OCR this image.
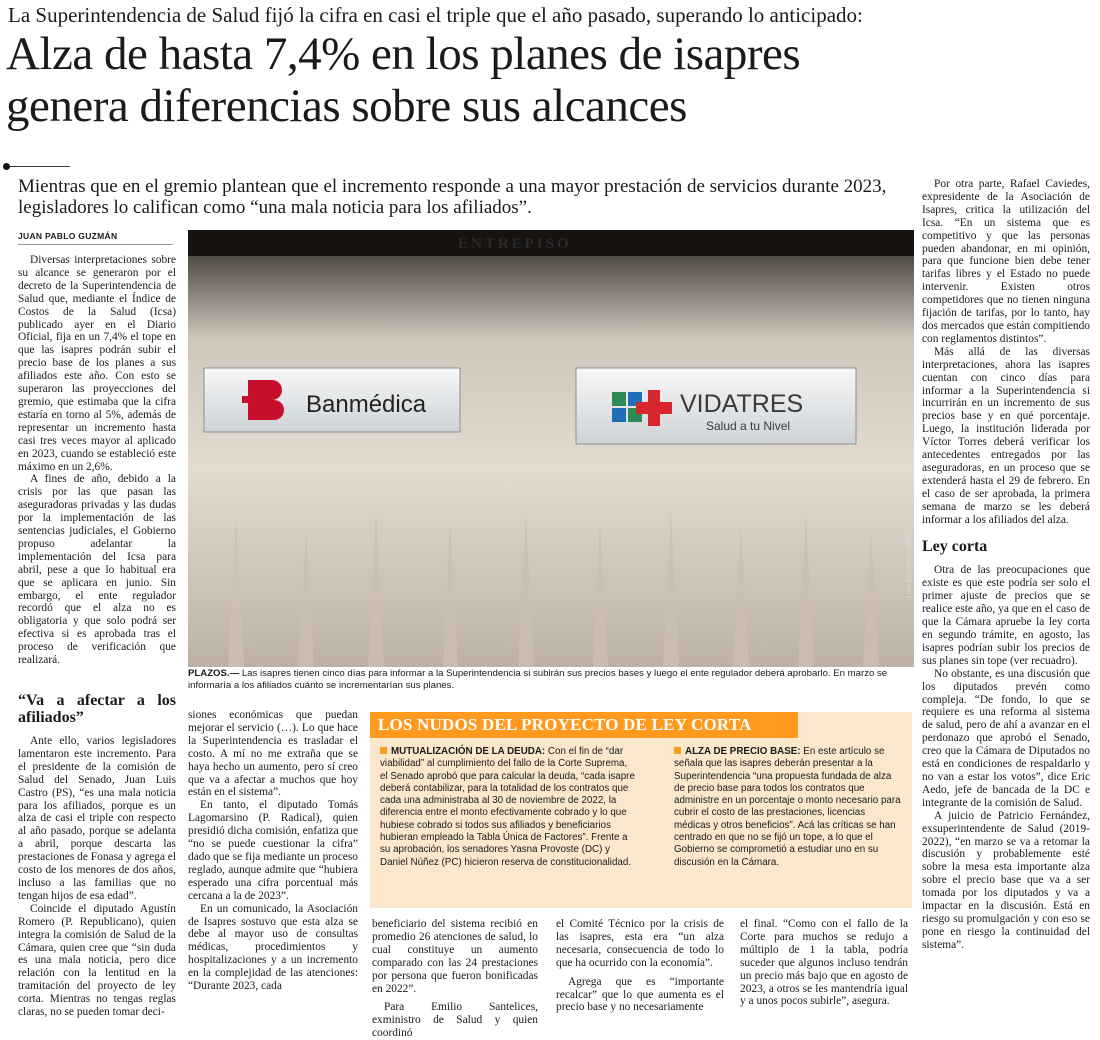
La Superintendencia de Salud fijó la cifra en casi el triple que el año pasado, superando lo anticipado:
Alza de hasta 7,4% en los planes de isapres
genera diferencias sobre sus alcances
Mientras que en el gremio plantean que el incremento responde a una mayor prestación de servicios durante 2023, legisladores lo califican como “una mala noticia para los afiliados”.
JUAN PABLO GUZMÁN

Diversas interpretaciones sobre su alcance se generaron por el decreto de la Superintendencia de Salud que, mediante el Índice de Costos de la Salud (Icsa) publicado ayer en el Diario Oficial, fija en un 7,4% el tope en que las isapres podrán subir el precio base de los planes a sus afiliados este año. Con esto se superaron las proyecciones del gremio, que estimaba que la cifra estaría en torno al 5%, además de representar un incremento hasta casi tres veces mayor al aplicado en 2023, cuando se estableció este máximo en un 2,6%.

A fines de año, debido a la crisis por las que pasan las aseguradoras privadas y las dudas por la implementación de las sentencias judiciales, el Gobierno propuso adelantar la implementación del Icsa para abril, pese a que lo habitual era que se aplicara en junio. Sin embargo, el ente regulador recordó que el alza no es obligatoria y que solo podrá ser efectiva si es aprobada tras el proceso de verificación que realizará.

“Va a afectar a los afiliados”

Ante ello, varios legisladores lamentaron este incremento. Para el presidente de la comisión de Salud del Senado, Juan Luis Castro (PS), “es una mala noticia para los afiliados, porque es un alza de casi el triple con respecto al año pasado, porque se adelanta a abril, porque descarta las prestaciones de Fonasa y agrega el costo de los menores de dos años, incluso a las familias que no tengan hijos de esa edad”.

Coincide el diputado Agustín Romero (P. Republicano), quien integra la comisión de Salud de la Cámara, quien cree que “sin duda es una mala noticia, pero dice relación con la lentitud en la tramitación del proyecto de ley corta. Mientras no tengas reglas claras, no se pueden tomar deci-

ENTREPISO
Banmédica	VIDATRES
Salud a tu Nivel
JUAN EDUARDO LÓPEZ
PLAZOS.— Las isapres tienen cinco días para informar a la Superintendencia si subirán sus precios bases y luego el ente regulador deberá aprobarlo. En marzo se informaría a los afiliados cuánto se incrementarían sus planes.

siones económicas que puedan mejorar el servicio (…). Lo que hace la Superintendencia es trasladar el costo. A mí no me extraña que se haya hecho un aumento, pero sí creo que va a afectar a muchos que hoy están en el sistema”.

En tanto, el diputado Tomás Lagomarsino (P. Radical), quien presidió dicha comisión, enfatiza que “no se puede cuestionar la cifra” dado que se fija mediante un proceso reglado, aunque admite que “hubiera esperado una cifra porcentual más cercana a la de 2023”.

En un comunicado, la Asociación de Isapres sostuvo que esta alza se debe al mayor uso de consultas médicas, procedimientos y hospitalizaciones y a un incremento en la complejidad de las atenciones: “Durante 2023, cada

LOS NUDOS DEL PROYECTO DE LEY CORTA
MUTUALIZACIÓN DE LA DEUDA: Con el fin de “dar viabilidad” al cumplimiento del fallo de la Corte Suprema, el Senado aprobó que para calcular la deuda, “cada isapre deberá contabilizar, para la totalidad de los contratos que cada una administraba al 30 de noviembre de 2022, la diferencia entre el monto efectivamente cobrado y lo que hubiese cobrado si todos sus afiliados y beneficiarios hubieran empleado la Tabla Única de Factores”. Frente a su aprobación, los senadores Yasna Provoste (DC) y Daniel Núñez (PC) hicieron reserva de constitucionalidad.
ALZA DE PRECIO BASE: En este artículo se señala que las isapres deberán presentar a la Superintendencia “una propuesta fundada de alza de precio base para todos los contratos que administre en un porcentaje o monto necesario para cubrir el costo de las prestaciones, licencias médicas y otros beneficios”. Acá las críticas se han centrado en que no se fijó un tope, a lo que el Gobierno se comprometió a estudiar uno en su discusión en la Cámara.

beneficiario del sistema recibió en promedio 26 atenciones de salud, lo cual constituye un aumento comparado con las 24 prestaciones por persona que fueron bonificadas en 2022”.

Para Emilio Santelices, exministro de Salud y quien coordinó

el Comité Técnico por la crisis de las isapres, esta era “un alza necesaria, consecuencia de todo lo que ha ocurrido con la economía”.

Agrega que es “importante recalcar” que lo que aumenta es el precio base y no necesariamente

el final. “Como con el fallo de la Corte para muchos se redujo a múltiplo de 1 la tabla, podría suceder que algunos incluso tendrán un precio más bajo que en agosto de 2023, a otros se les mantendría igual y a unos pocos subirle”, asegura.

Por otra parte, Rafael Caviedes, expresidente de la Asociación de Isapres, critica la utilización del Icsa. “En un sistema que es competitivo y que las personas pueden abandonar, en mi opinión, para que funcione bien debe tener tarifas libres y el Estado no puede intervenir. Existen otros competidores que no tienen ninguna fijación de tarifas, por lo tanto, hay dos mercados que están compitiendo con reglamentos distintos”.

Más allá de las diversas interpretaciones, ahora las isapres cuentan con cinco días para informar a la Superintendencia si incurrirán en un incremento de sus precios base y en qué porcentaje. Luego, la institución liderada por Víctor Torres deberá verificar los antecedentes entregados por las aseguradoras, en un proceso que se extenderá hasta el 29 de febrero. En el caso de ser aprobada, la primera semana de marzo se les deberá informar a los afiliados del alza.

Ley corta

Otra de las preocupaciones que existe es que este podría ser solo el primer ajuste de precios que se realice este año, ya que en el caso de que la Cámara apruebe la ley corta en segundo trámite, en agosto, las isapres podrían subir los precios de sus planes sin tope (ver recuadro).

No obstante, es una discusión que los diputados prevén como compleja. “De fondo, lo que se requiere es una reforma al sistema de salud, pero de ahí a avanzar en el perdonazo que aprobó el Senado, creo que la Cámara de Diputados no está en condiciones de respaldarlo y no van a estar los votos”, dice Eric Aedo, jefe de bancada de la DC e integrante de la comisión de Salud.

A juicio de Patricio Fernández, exsuperintendente de Salud (2019-2022), “en marzo se va a retomar la discusión y probablemente esté sobre la mesa esta importante alza sobre el precio base que va a ser tomada por los diputados y va a impactar en la discusión. Está en riesgo su promulgación y con eso se pone en riesgo la continuidad del sistema”.
